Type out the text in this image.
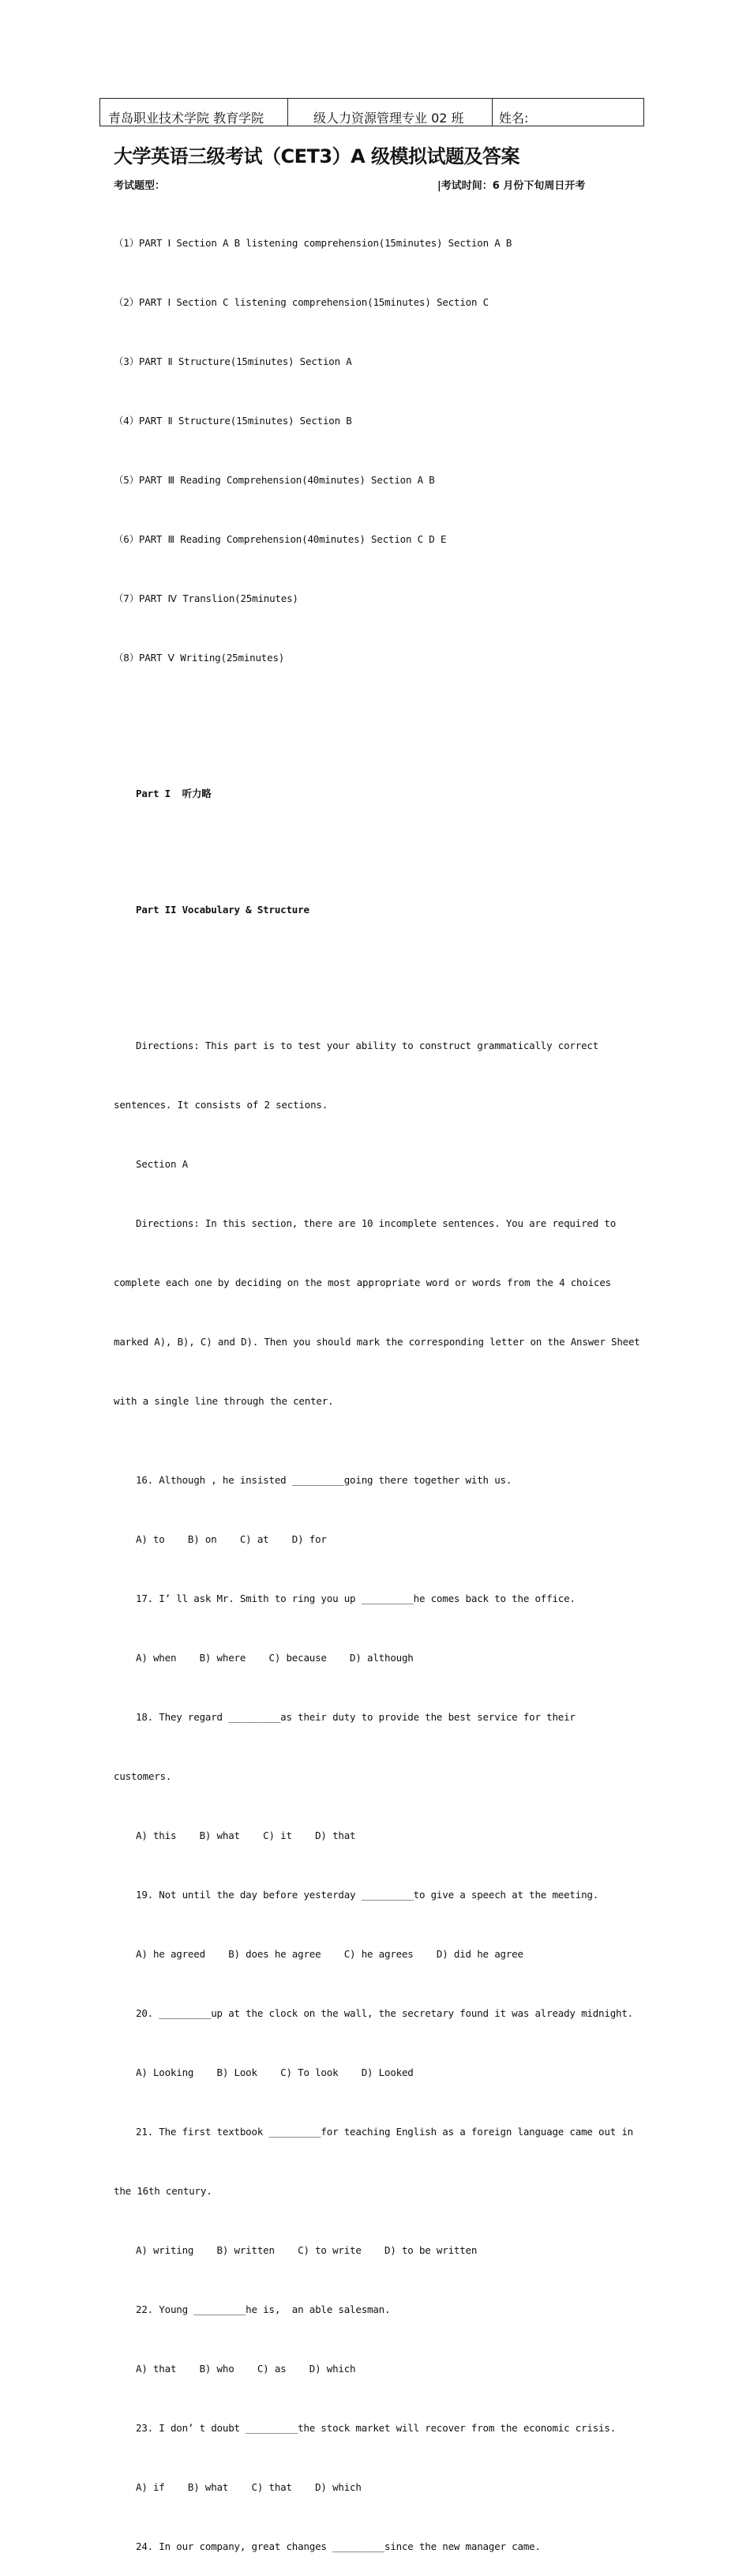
青岛职业技术学院 教育学院	级人力资源管理专业 02 班	姓名:
大学英语三级考试（CET3）A 级模拟试题及答案
考试题型：	|考试时间：6 月份下旬周日开考

（1）PART Ⅰ Section A B listening comprehension(15minutes) Section A B

（2）PART Ⅰ Section C listening comprehension(15minutes) Section C

（3）PART Ⅱ Structure(15minutes) Section A

（4）PART Ⅱ Structure(15minutes) Section B

（5）PART Ⅲ Reading Comprehension(40minutes) Section A B

（6）PART Ⅲ Reading Comprehension(40minutes) Section C D E

（7）PART Ⅳ Translion(25minutes)

（8）PART Ⅴ Writing(25minutes)

Part I  听力略

Part II Vocabulary & Structure

Directions: This part is to test your ability to construct grammatically correct

sentences. It consists of 2 sections.

Section A

Directions: In this section, there are 10 incomplete sentences. You are required to

complete each one by deciding on the most appropriate word or words from the 4 choices

marked A), B), C) and D). Then you should mark the corresponding letter on the Answer Sheet

with a single line through the center.

16. Although , he insisted _________going there together with us.

A) to    B) on    C) at    D) for

17. I’ ll ask Mr. Smith to ring you up _________he comes back to the office.

A) when    B) where    C) because    D) although

18. They regard _________as their duty to provide the best service for their

customers.

A) this    B) what    C) it    D) that

19. Not until the day before yesterday _________to give a speech at the meeting.

A) he agreed    B) does he agree    C) he agrees    D) did he agree

20. _________up at the clock on the wall, the secretary found it was already midnight.

A) Looking    B) Look    C) To look    D) Looked

21. The first textbook _________for teaching English as a foreign language came out in

the 16th century.

A) writing    B) written    C) to write    D) to be written

22. Young _________he is,  an able salesman.

A) that    B) who    C) as    D) which

23. I don’ t doubt _________the stock market will recover from the economic crisis.

A) if    B) what    C) that    D) which

24. In our company, great changes _________since the new manager came.
